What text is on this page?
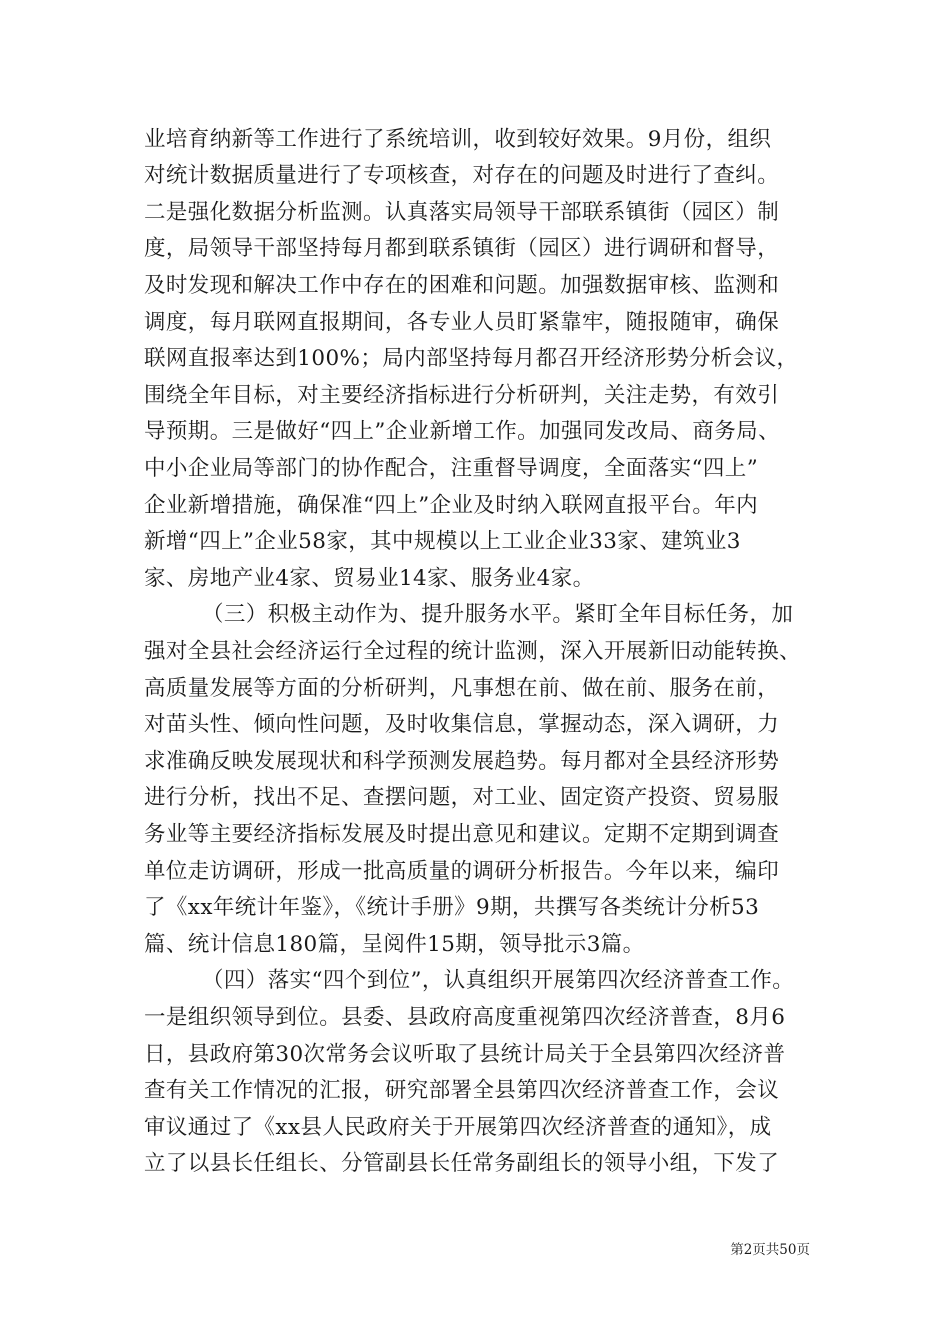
业培育纳新等工作进行了系统培训，收到较好效果。9月份，组织
对统计数据质量进行了专项核查，对存在的问题及时进行了查纠。
二是强化数据分析监测。认真落实局领导干部联系镇街（园区）制
度，局领导干部坚持每月都到联系镇街（园区）进行调研和督导，
及时发现和解决工作中存在的困难和问题。加强数据审核、监测和
调度，每月联网直报期间，各专业人员盯紧靠牢，随报随审，确保
联网直报率达到100%；局内部坚持每月都召开经济形势分析会议，
围绕全年目标，对主要经济指标进行分析研判，关注走势，有效引
导预期。三是做好“四上”企业新增工作。加强同发改局、商务局、
中小企业局等部门的协作配合，注重督导调度，全面落实“四上”
企业新增措施，确保准“四上”企业及时纳入联网直报平台。年内
新增“四上”企业58家，其中规模以上工业企业33家、建筑业3
家、房地产业4家、贸易业14家、服务业4家。
（三）积极主动作为、提升服务水平。紧盯全年目标任务，加
强对全县社会经济运行全过程的统计监测，深入开展新旧动能转换、
高质量发展等方面的分析研判，凡事想在前、做在前、服务在前，
对苗头性、倾向性问题，及时收集信息，掌握动态，深入调研，力
求准确反映发展现状和科学预测发展趋势。每月都对全县经济形势
进行分析，找出不足、查摆问题，对工业、固定资产投资、贸易服
务业等主要经济指标发展及时提出意见和建议。定期不定期到调查
单位走访调研，形成一批高质量的调研分析报告。今年以来，编印
了《xx年统计年鉴》，《统计手册》9期，共撰写各类统计分析53
篇、统计信息180篇，呈阅件15期，领导批示3篇。
（四）落实“四个到位”，认真组织开展第四次经济普查工作。
一是组织领导到位。县委、县政府高度重视第四次经济普查，8月6
日，县政府第30次常务会议听取了县统计局关于全县第四次经济普
查有关工作情况的汇报，研究部署全县第四次经济普查工作，会议
审议通过了《xx县人民政府关于开展第四次经济普查的通知》，成
立了以县长任组长、分管副县长任常务副组长的领导小组，下发了
第2页共50页
